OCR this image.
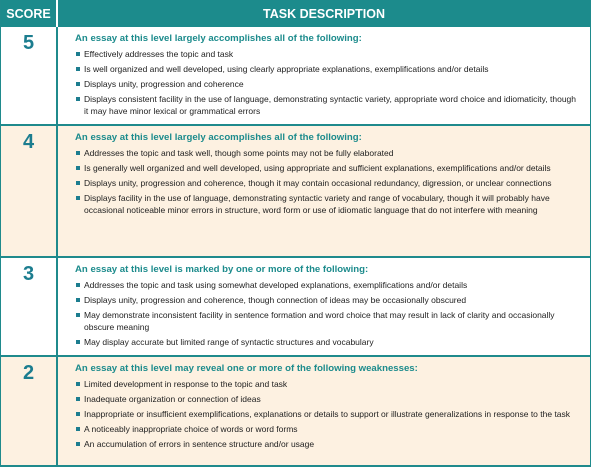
SCORE	TASK DESCRIPTION
5	An essay at this level largely accomplishes all of the following:
Effectively addresses the topic and task
Is well organized and well developed, using clearly appropriate explanations, exemplifications and/or details
Displays unity, progression and coherence
Displays consistent facility in the use of language, demonstrating syntactic variety, appropriate word choice and idiomaticity, though it may have minor lexical or grammatical errors
4	An essay at this level largely accomplishes all of the following:
Addresses the topic and task well, though some points may not be fully elaborated
Is generally well organized and well developed, using appropriate and sufficient explanations, exemplifications and/or details
Displays unity, progression and coherence, though it may contain occasional redundancy, digression, or unclear connections
Displays facility in the use of language, demonstrating syntactic variety and range of vocabulary, though it will probably have occasional noticeable minor errors in structure, word form or use of idiomatic language that do not interfere with meaning
3	An essay at this level is marked by one or more of the following:
Addresses the topic and task using somewhat developed explanations, exemplifications and/or details
Displays unity, progression and coherence, though connection of ideas may be occasionally obscured
May demonstrate inconsistent facility in sentence formation and word choice that may result in lack of clarity and occasionally obscure meaning
May display accurate but limited range of syntactic structures and vocabulary
2	An essay at this level may reveal one or more of the following weaknesses:
Limited development in response to the topic and task
Inadequate organization or connection of ideas
Inappropriate or insufficient exemplifications, explanations or details to support or illustrate generalizations in response to the task
A noticeably inappropriate choice of words or word forms
An accumulation of errors in sentence structure and/or usage
